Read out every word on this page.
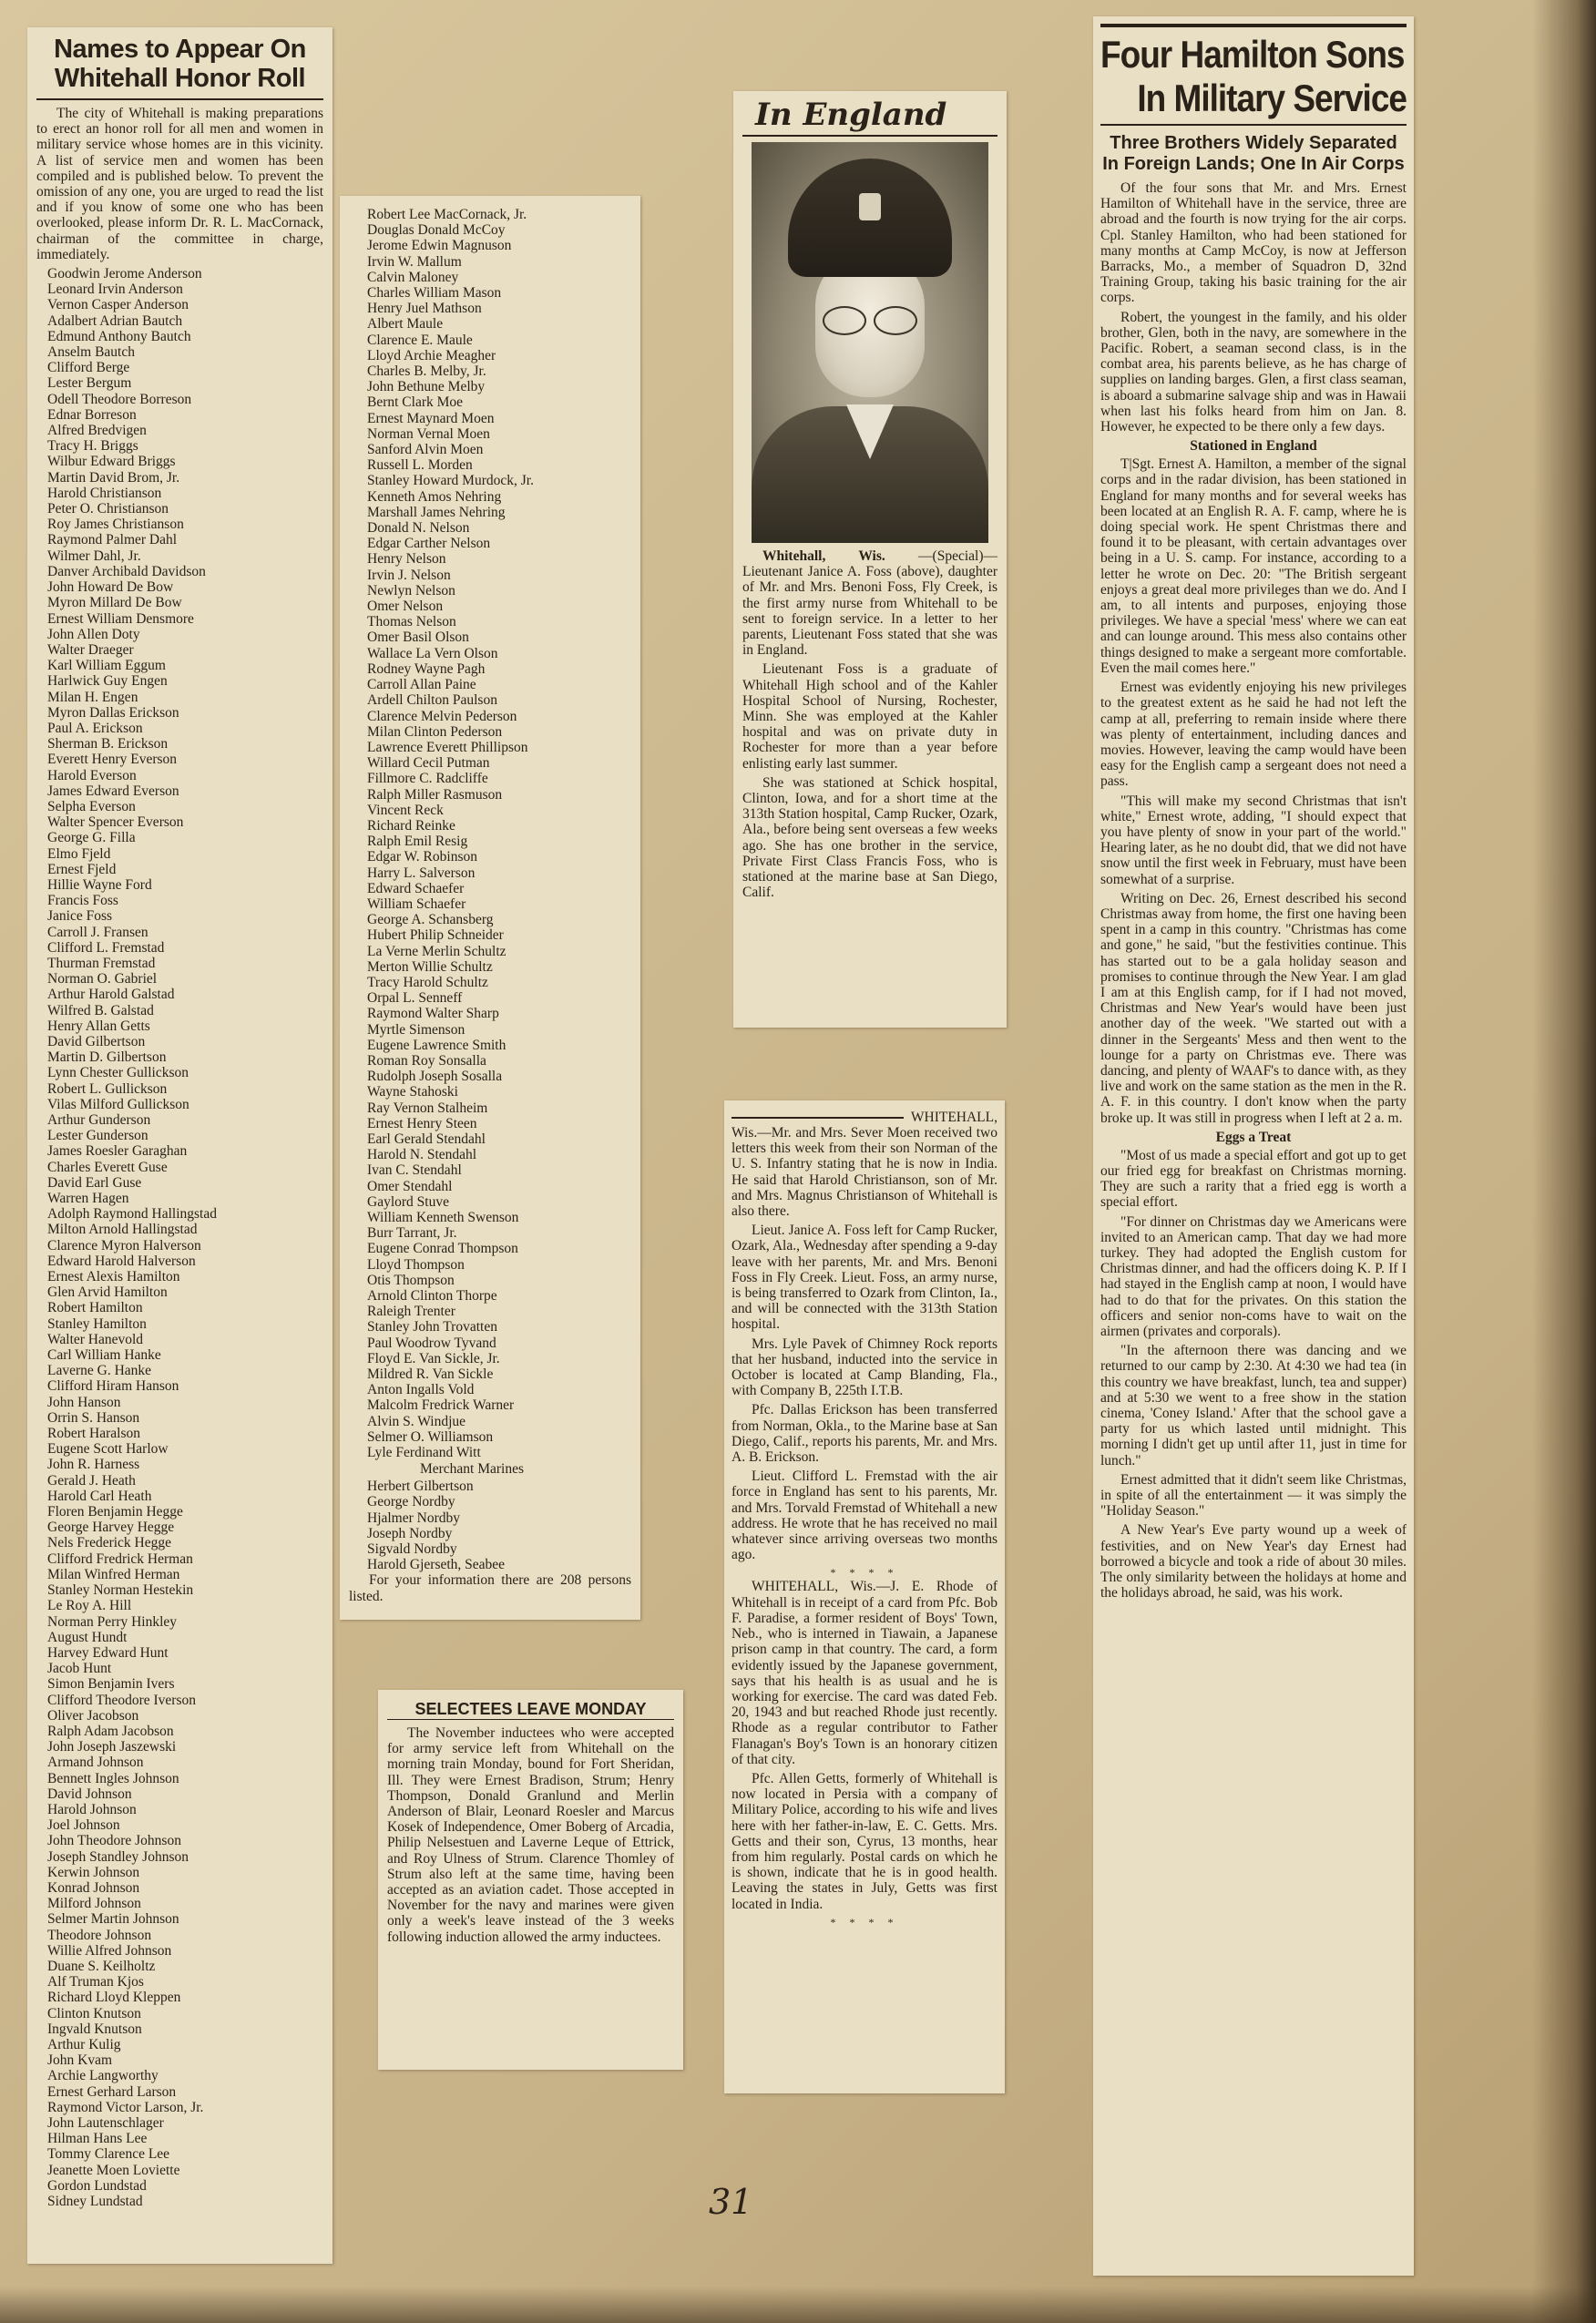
Names to Appear On Whitehall Honor Roll

The city of Whitehall is making preparations to erect an honor roll for all men and women in military service whose homes are in this vicinity. A list of service men and women has been compiled and is published below. To prevent the omission of any one, you are urged to read the list and if you know of some one who has been overlooked, please inform Dr. R. L. MacCornack, chairman of the committee in charge, immediately.

Goodwin Jerome Anderson
Leonard Irvin Anderson
Vernon Casper Anderson
Adalbert Adrian Bautch
Edmund Anthony Bautch
Anselm Bautch
Clifford Berge
Lester Bergum
Odell Theodore Borreson
Ednar Borreson
Alfred Bredvigen
Tracy H. Briggs
Wilbur Edward Briggs
Martin David Brom, Jr.
Harold Christianson
Peter O. Christianson
Roy James Christianson
Raymond Palmer Dahl
Wilmer Dahl, Jr.
Danver Archibald Davidson
John Howard De Bow
Myron Millard De Bow
Ernest William Densmore
John Allen Doty
Walter Draeger
Karl William Eggum
Harlwick Guy Engen
Milan H. Engen
Myron Dallas Erickson
Paul A. Erickson
Sherman B. Erickson
Everett Henry Everson
Harold Everson
James Edward Everson
Selpha Everson
Walter Spencer Everson
George G. Filla
Elmo Fjeld
Ernest Fjeld
Hillie Wayne Ford
Francis Foss
Janice Foss
Carroll J. Fransen
Clifford L. Fremstad
Thurman Fremstad
Norman O. Gabriel
Arthur Harold Galstad
Wilfred B. Galstad
Henry Allan Getts
David Gilbertson
Martin D. Gilbertson
Lynn Chester Gullickson
Robert L. Gullickson
Vilas Milford Gullickson
Arthur Gunderson
Lester Gunderson
James Roesler Garaghan
Charles Everett Guse
David Earl Guse
Warren Hagen
Adolph Raymond Hallingstad
Milton Arnold Hallingstad
Clarence Myron Halverson
Edward Harold Halverson
Ernest Alexis Hamilton
Glen Arvid Hamilton
Robert Hamilton
Stanley Hamilton
Walter Hanevold
Carl William Hanke
Laverne G. Hanke
Clifford Hiram Hanson
John Hanson
Orrin S. Hanson
Robert Haralson
Eugene Scott Harlow
John R. Harness
Gerald J. Heath
Harold Carl Heath
Floren Benjamin Hegge
George Harvey Hegge
Nels Frederick Hegge
Clifford Fredrick Herman
Milan Winfred Herman
Stanley Norman Hestekin
Le Roy A. Hill
Norman Perry Hinkley
August Hundt
Harvey Edward Hunt
Jacob Hunt
Simon Benjamin Ivers
Clifford Theodore Iverson
Oliver Jacobson
Ralph Adam Jacobson
John Joseph Jaszewski
Armand Johnson
Bennett Ingles Johnson
David Johnson
Harold Johnson
Joel Johnson
John Theodore Johnson
Joseph Standley Johnson
Kerwin Johnson
Konrad Johnson
Milford Johnson
Selmer Martin Johnson
Theodore Johnson
Willie Alfred Johnson
Duane S. Keilholtz
Alf Truman Kjos
Richard Lloyd Kleppen
Clinton Knutson
Ingvald Knutson
Arthur Kulig
John Kvam
Archie Langworthy
Ernest Gerhard Larson
Raymond Victor Larson, Jr.
John Lautenschlager
Hilman Hans Lee
Tommy Clarence Lee
Jeanette Moen Loviette
Gordon Lundstad
Sidney Lundstad
Robert Lee MacCornack, Jr.
Douglas Donald McCoy
Jerome Edwin Magnuson
Irvin W. Mallum
Calvin Maloney
Charles William Mason
Henry Juel Mathson
Albert Maule
Clarence E. Maule
Lloyd Archie Meagher
Charles B. Melby, Jr.
John Bethune Melby
Bernt Clark Moe
Ernest Maynard Moen
Norman Vernal Moen
Sanford Alvin Moen
Russell L. Morden
Stanley Howard Murdock, Jr.
Kenneth Amos Nehring
Marshall James Nehring
Donald N. Nelson
Edgar Carther Nelson
Henry Nelson
Irvin J. Nelson
Newlyn Nelson
Omer Nelson
Thomas Nelson
Omer Basil Olson
Wallace La Vern Olson
Rodney Wayne Pagh
Carroll Allan Paine
Ardell Chilton Paulson
Clarence Melvin Pederson
Milan Clinton Pederson
Lawrence Everett Phillipson
Willard Cecil Putman
Fillmore C. Radcliffe
Ralph Miller Rasmuson
Vincent Reck
Richard Reinke
Ralph Emil Resig
Edgar W. Robinson
Harry L. Salverson
Edward Schaefer
William Schaefer
George A. Schansberg
Hubert Philip Schneider
La Verne Merlin Schultz
Merton Willie Schultz
Tracy Harold Schultz
Orpal L. Senneff
Raymond Walter Sharp
Myrtle Simenson
Eugene Lawrence Smith
Roman Roy Sonsalla
Rudolph Joseph Sosalla
Wayne Stahoski
Ray Vernon Stalheim
Ernest Henry Steen
Earl Gerald Stendahl
Harold N. Stendahl
Ivan C. Stendahl
Omer Stendahl
Gaylord Stuve
William Kenneth Swenson
Burr Tarrant, Jr.
Eugene Conrad Thompson
Lloyd Thompson
Otis Thompson
Arnold Clinton Thorpe
Raleigh Trenter
Stanley John Trovatten
Paul Woodrow Tyvand
Floyd E. Van Sickle, Jr.
Mildred R. Van Sickle
Anton Ingalls Vold
Malcolm Fredrick Warner
Alvin S. Windjue
Selmer O. Williamson
Lyle Ferdinand Witt
Merchant Marines
Herbert Gilbertson
George Nordby
Hjalmer Nordby
Joseph Nordby
Sigvald Nordby
Harold Gjerseth, Seabee

For your information there are 208 persons listed.

In England

Whitehall, Wis. —(Special)—Lieutenant Janice A. Foss (above), daughter of Mr. and Mrs. Benoni Foss, Fly Creek, is the first army nurse from Whitehall to be sent to foreign service. In a letter to her parents, Lieutenant Foss stated that she was in England.

Lieutenant Foss is a graduate of Whitehall High school and of the Kahler Hospital School of Nursing, Rochester, Minn. She was employed at the Kahler hospital and was on private duty in Rochester for more than a year before enlisting early last summer.

She was stationed at Schick hospital, Clinton, Iowa, and for a short time at the 313th Station hospital, Camp Rucker, Ozark, Ala., before being sent overseas a few weeks ago. She has one brother in the service, Private First Class Francis Foss, who is stationed at the marine base at San Diego, Calif.

WHITEHALL,

Wis.—Mr. and Mrs. Sever Moen received two letters this week from their son Norman of the U. S. Infantry stating that he is now in India. He said that Harold Christianson, son of Mr. and Mrs. Magnus Christianson of Whitehall is also there.

Lieut. Janice A. Foss left for Camp Rucker, Ozark, Ala., Wednesday after spending a 9-day leave with her parents, Mr. and Mrs. Benoni Foss in Fly Creek. Lieut. Foss, an army nurse, is being transferred to Ozark from Clinton, Ia., and will be connected with the 313th Station hospital.

Mrs. Lyle Pavek of Chimney Rock reports that her husband, inducted into the service in October is located at Camp Blanding, Fla., with Company B, 225th I.T.B.

Pfc. Dallas Erickson has been transferred from Norman, Okla., to the Marine base at San Diego, Calif., reports his parents, Mr. and Mrs. A. B. Erickson.

Lieut. Clifford L. Fremstad with the air force in England has sent to his parents, Mr. and Mrs. Torvald Fremstad of Whitehall a new address. He wrote that he has received no mail whatever since arriving overseas two months ago.

* * * *

WHITEHALL, Wis.—J. E. Rhode of Whitehall is in receipt of a card from Pfc. Bob F. Paradise, a former resident of Boys' Town, Neb., who is interned in Tiawain, a Japanese prison camp in that country. The card, a form evidently issued by the Japanese government, says that his health is as usual and he is working for exercise. The card was dated Feb. 20, 1943 and but reached Rhode just recently. Rhode as a regular contributor to Father Flanagan's Boy's Town is an honorary citizen of that city.

Pfc. Allen Getts, formerly of Whitehall is now located in Persia with a company of Military Police, according to his wife and lives here with her father-in-law, E. C. Getts. Mrs. Getts and their son, Cyrus, 13 months, hear from him regularly. Postal cards on which he is shown, indicate that he is in good health. Leaving the states in July, Getts was first located in India.

* * * *
SELECTEES LEAVE MONDAY

The November inductees who were accepted for army service left from Whitehall on the morning train Monday, bound for Fort Sheridan, Ill. They were Ernest Bradison, Strum; Henry Thompson, Donald Granlund and Merlin Anderson of Blair, Leonard Roesler and Marcus Kosek of Independence, Omer Boberg of Arcadia, Philip Nelsestuen and Laverne Leque of Ettrick, and Roy Ulness of Strum. Clarence Thomley of Strum also left at the same time, having been accepted as an aviation cadet. Those accepted in November for the navy and marines were given only a week's leave instead of the 3 weeks following induction allowed the army inductees.

Four Hamilton Sons
In Military Service
Three Brothers Widely Separated In Foreign Lands; One In Air Corps

Of the four sons that Mr. and Mrs. Ernest Hamilton of Whitehall have in the service, three are abroad and the fourth is now trying for the air corps. Cpl. Stanley Hamilton, who had been stationed for many months at Camp McCoy, is now at Jefferson Barracks, Mo., a member of Squadron D, 32nd Training Group, taking his basic training for the air corps.

Robert, the youngest in the family, and his older brother, Glen, both in the navy, are somewhere in the Pacific. Robert, a seaman second class, is in the combat area, his parents believe, as he has charge of supplies on landing barges. Glen, a first class seaman, is aboard a submarine salvage ship and was in Hawaii when last his folks heard from him on Jan. 8. However, he expected to be there only a few days.

Stationed in England

T|Sgt. Ernest A. Hamilton, a member of the signal corps and in the radar division, has been stationed in England for many months and for several weeks has been located at an English R. A. F. camp, where he is doing special work. He spent Christmas there and found it to be pleasant, with certain advantages over being in a U. S. camp. For instance, according to a letter he wrote on Dec. 20: "The British sergeant enjoys a great deal more privileges than we do. And I am, to all intents and purposes, enjoying those privileges. We have a special 'mess' where we can eat and can lounge around. This mess also contains other things designed to make a sergeant more comfortable. Even the mail comes here."

Ernest was evidently enjoying his new privileges to the greatest extent as he said he had not left the camp at all, preferring to remain inside where there was plenty of entertainment, including dances and movies. However, leaving the camp would have been easy for the English camp a sergeant does not need a pass.

"This will make my second Christmas that isn't white," Ernest wrote, adding, "I should expect that you have plenty of snow in your part of the world." Hearing later, as he no doubt did, that we did not have snow until the first week in February, must have been somewhat of a surprise.

Writing on Dec. 26, Ernest described his second Christmas away from home, the first one having been spent in a camp in this country. "Christmas has come and gone," he said, "but the festivities continue. This has started out to be a gala holiday season and promises to continue through the New Year. I am glad I am at this English camp, for if I had not moved, Christmas and New Year's would have been just another day of the week. "We started out with a dinner in the Sergeants' Mess and then went to the lounge for a party on Christmas eve. There was dancing, and plenty of WAAF's to dance with, as they live and work on the same station as the men in the R. A. F. in this country. I don't know when the party broke up. It was still in progress when I left at 2 a. m.

Eggs a Treat

"Most of us made a special effort and got up to get our fried egg for breakfast on Christmas morning. They are such a rarity that a fried egg is worth a special effort.

"For dinner on Christmas day we Americans were invited to an American camp. That day we had more turkey. They had adopted the English custom for Christmas dinner, and had the officers doing K. P. If I had stayed in the English camp at noon, I would have had to do that for the privates. On this station the officers and senior non-coms have to wait on the airmen (privates and corporals).

"In the afternoon there was dancing and we returned to our camp by 2:30. At 4:30 we had tea (in this country we have breakfast, lunch, tea and supper) and at 5:30 we went to a free show in the station cinema, 'Coney Island.' After that the school gave a party for us which lasted until midnight. This morning I didn't get up until after 11, just in time for lunch."

Ernest admitted that it didn't seem like Christmas, in spite of all the entertainment — it was simply the "Holiday Season."

A New Year's Eve party wound up a week of festivities, and on New Year's day Ernest had borrowed a bicycle and took a ride of about 30 miles. The only similarity between the holidays at home and the holidays abroad, he said, was his work.

31
